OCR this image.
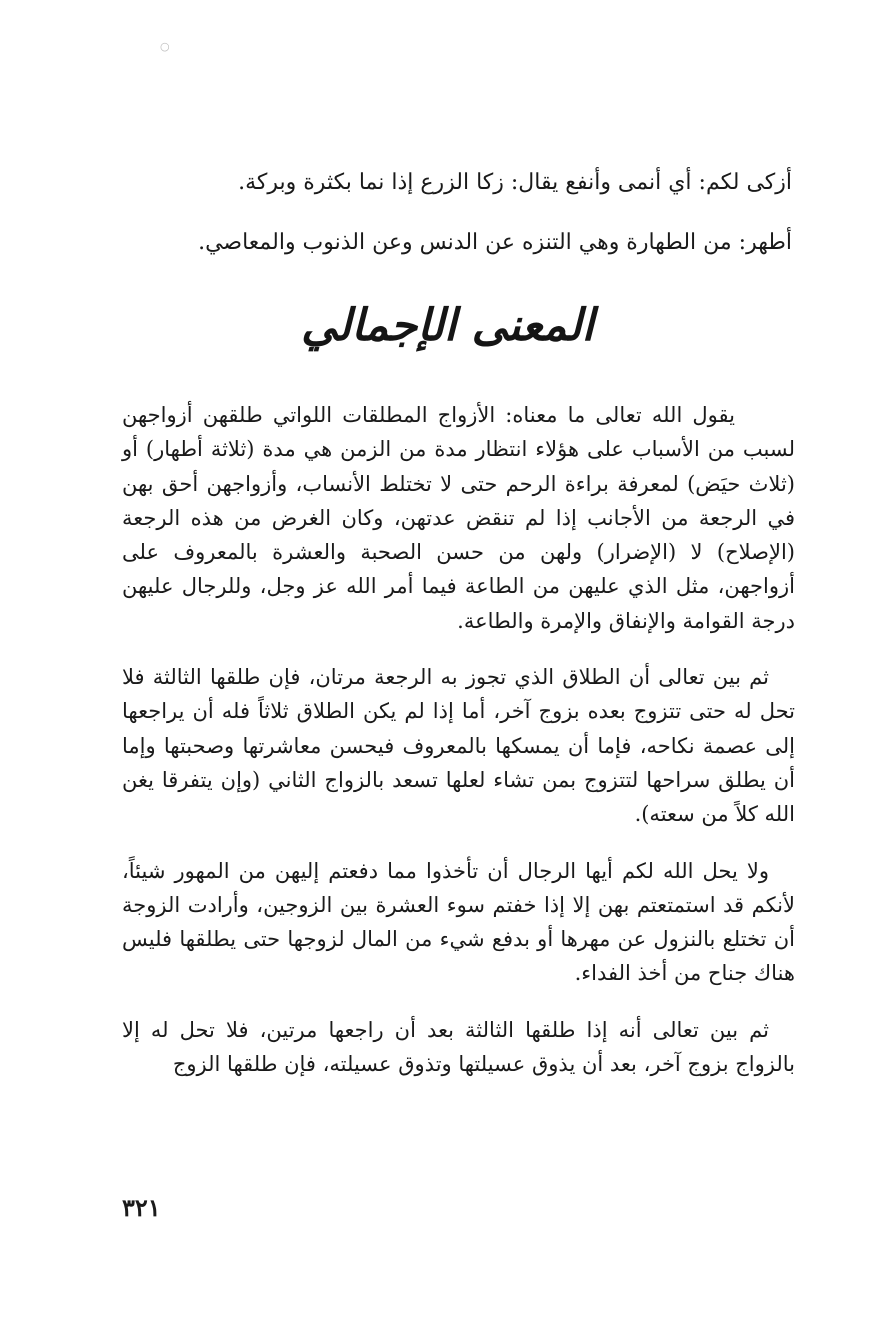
○
أزكى لكم: أي أنمى وأنفع يقال: زكا الزرع إذا نما بكثرة وبركة.
أطهر: من الطهارة وهي التنزه عن الدنس وعن الذنوب والمعاصي.
المعنى الإجمالي

يقول الله تعالى ما معناه: الأزواج المطلقات اللواتي طلقهن أزواجهن لسبب من الأسباب على هؤلاء انتظار مدة من الزمن هي مدة (ثلاثة أطهار) أو (ثلاث حيَض) لمعرفة براءة الرحم حتى لا تختلط الأنساب، وأزواجهن أحق بهن في الرجعة من الأجانب إذا لم تنقض عدتهن، وكان الغرض من هذه الرجعة (الإصلاح) لا (الإضرار) ولهن من حسن الصحبة والعشرة بالمعروف على أزواجهن، مثل الذي عليهن من الطاعة فيما أمر الله عز وجل، وللرجال عليهن درجة القوامة والإنفاق والإمرة والطاعة.

ثم بين تعالى أن الطلاق الذي تجوز به الرجعة مرتان، فإن طلقها الثالثة فلا تحل له حتى تتزوج بعده بزوج آخر، أما إذا لم يكن الطلاق ثلاثاً فله أن يراجعها إلى عصمة نكاحه، فإما أن يمسكها بالمعروف فيحسن معاشرتها وصحبتها وإما أن يطلق سراحها لتتزوج بمن تشاء لعلها تسعد بالزواج الثاني (وإن يتفرقا يغن الله كلاً من سعته).

ولا يحل الله لكم أيها الرجال أن تأخذوا مما دفعتم إليهن من المهور شيئاً، لأنكم قد استمتعتم بهن إلا إذا خفتم سوء العشرة بين الزوجين، وأرادت الزوجة أن تختلع بالنزول عن مهرها أو بدفع شيء من المال لزوجها حتى يطلقها فليس هناك جناح من أخذ الفداء.

ثم بين تعالى أنه إذا طلقها الثالثة بعد أن راجعها مرتين، فلا تحل له إلا بالزواج بزوج آخر، بعد أن يذوق عسيلتها وتذوق عسيلته، فإن طلقها الزوج

٣٢١
